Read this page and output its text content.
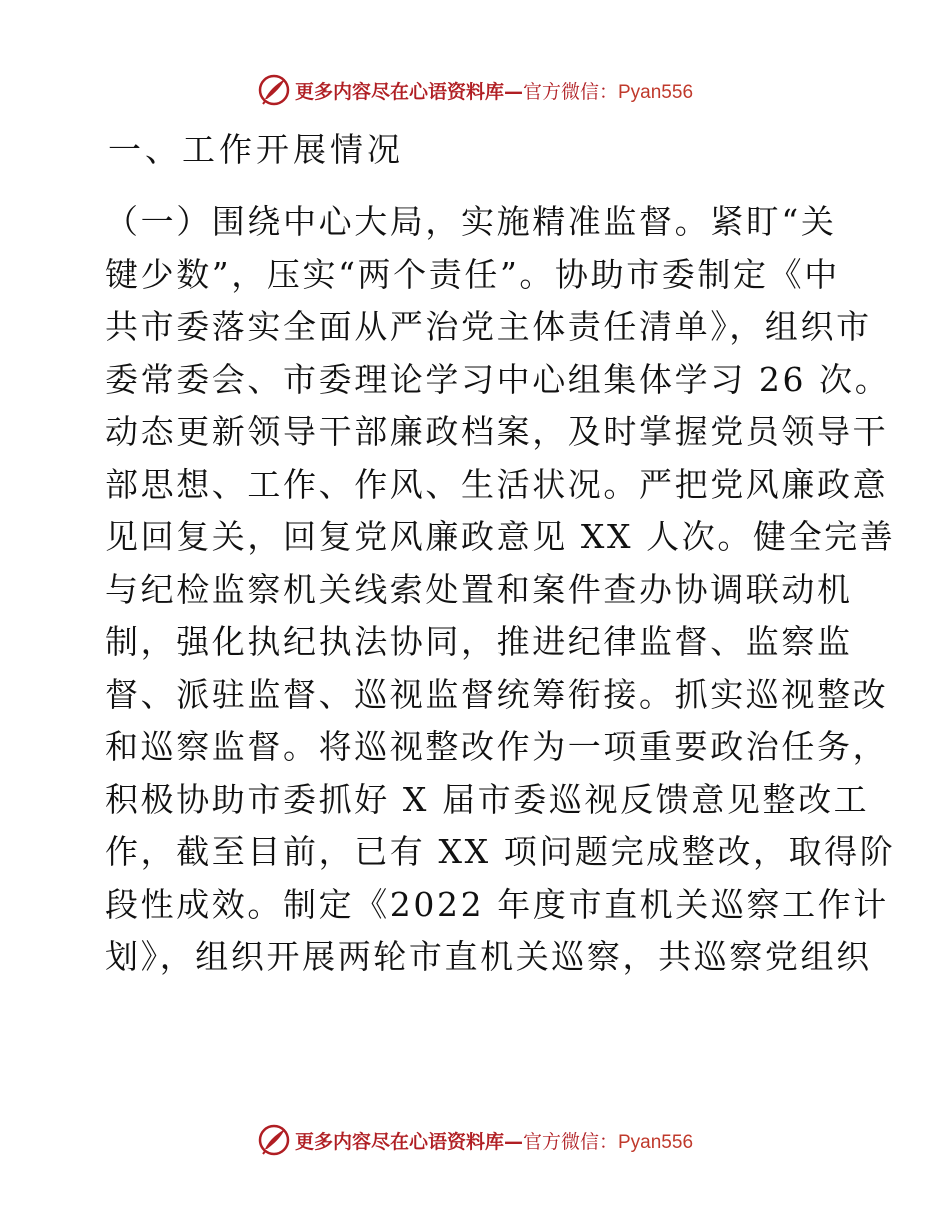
更多内容尽在心语资料库—官方微信：Pyan556
一、工作开展情况
（一）围绕中心大局，实施精准监督。紧盯“关
键少数”，压实“两个责任”。协助市委制定《中
共市委落实全面从严治党主体责任清单》，组织市
委常委会、市委理论学习中心组集体学习 26 次。
动态更新领导干部廉政档案，及时掌握党员领导干
部思想、工作、作风、生活状况。严把党风廉政意
见回复关，回复党风廉政意见 XX 人次。健全完善
与纪检监察机关线索处置和案件查办协调联动机
制，强化执纪执法协同，推进纪律监督、监察监
督、派驻监督、巡视监督统筹衔接。抓实巡视整改
和巡察监督。将巡视整改作为一项重要政治任务，
积极协助市委抓好 X 届市委巡视反馈意见整改工
作，截至目前，已有 XX 项问题完成整改，取得阶
段性成效。制定《2022 年度市直机关巡察工作计
划》，组织开展两轮市直机关巡察，共巡察党组织
更多内容尽在心语资料库—官方微信：Pyan556
